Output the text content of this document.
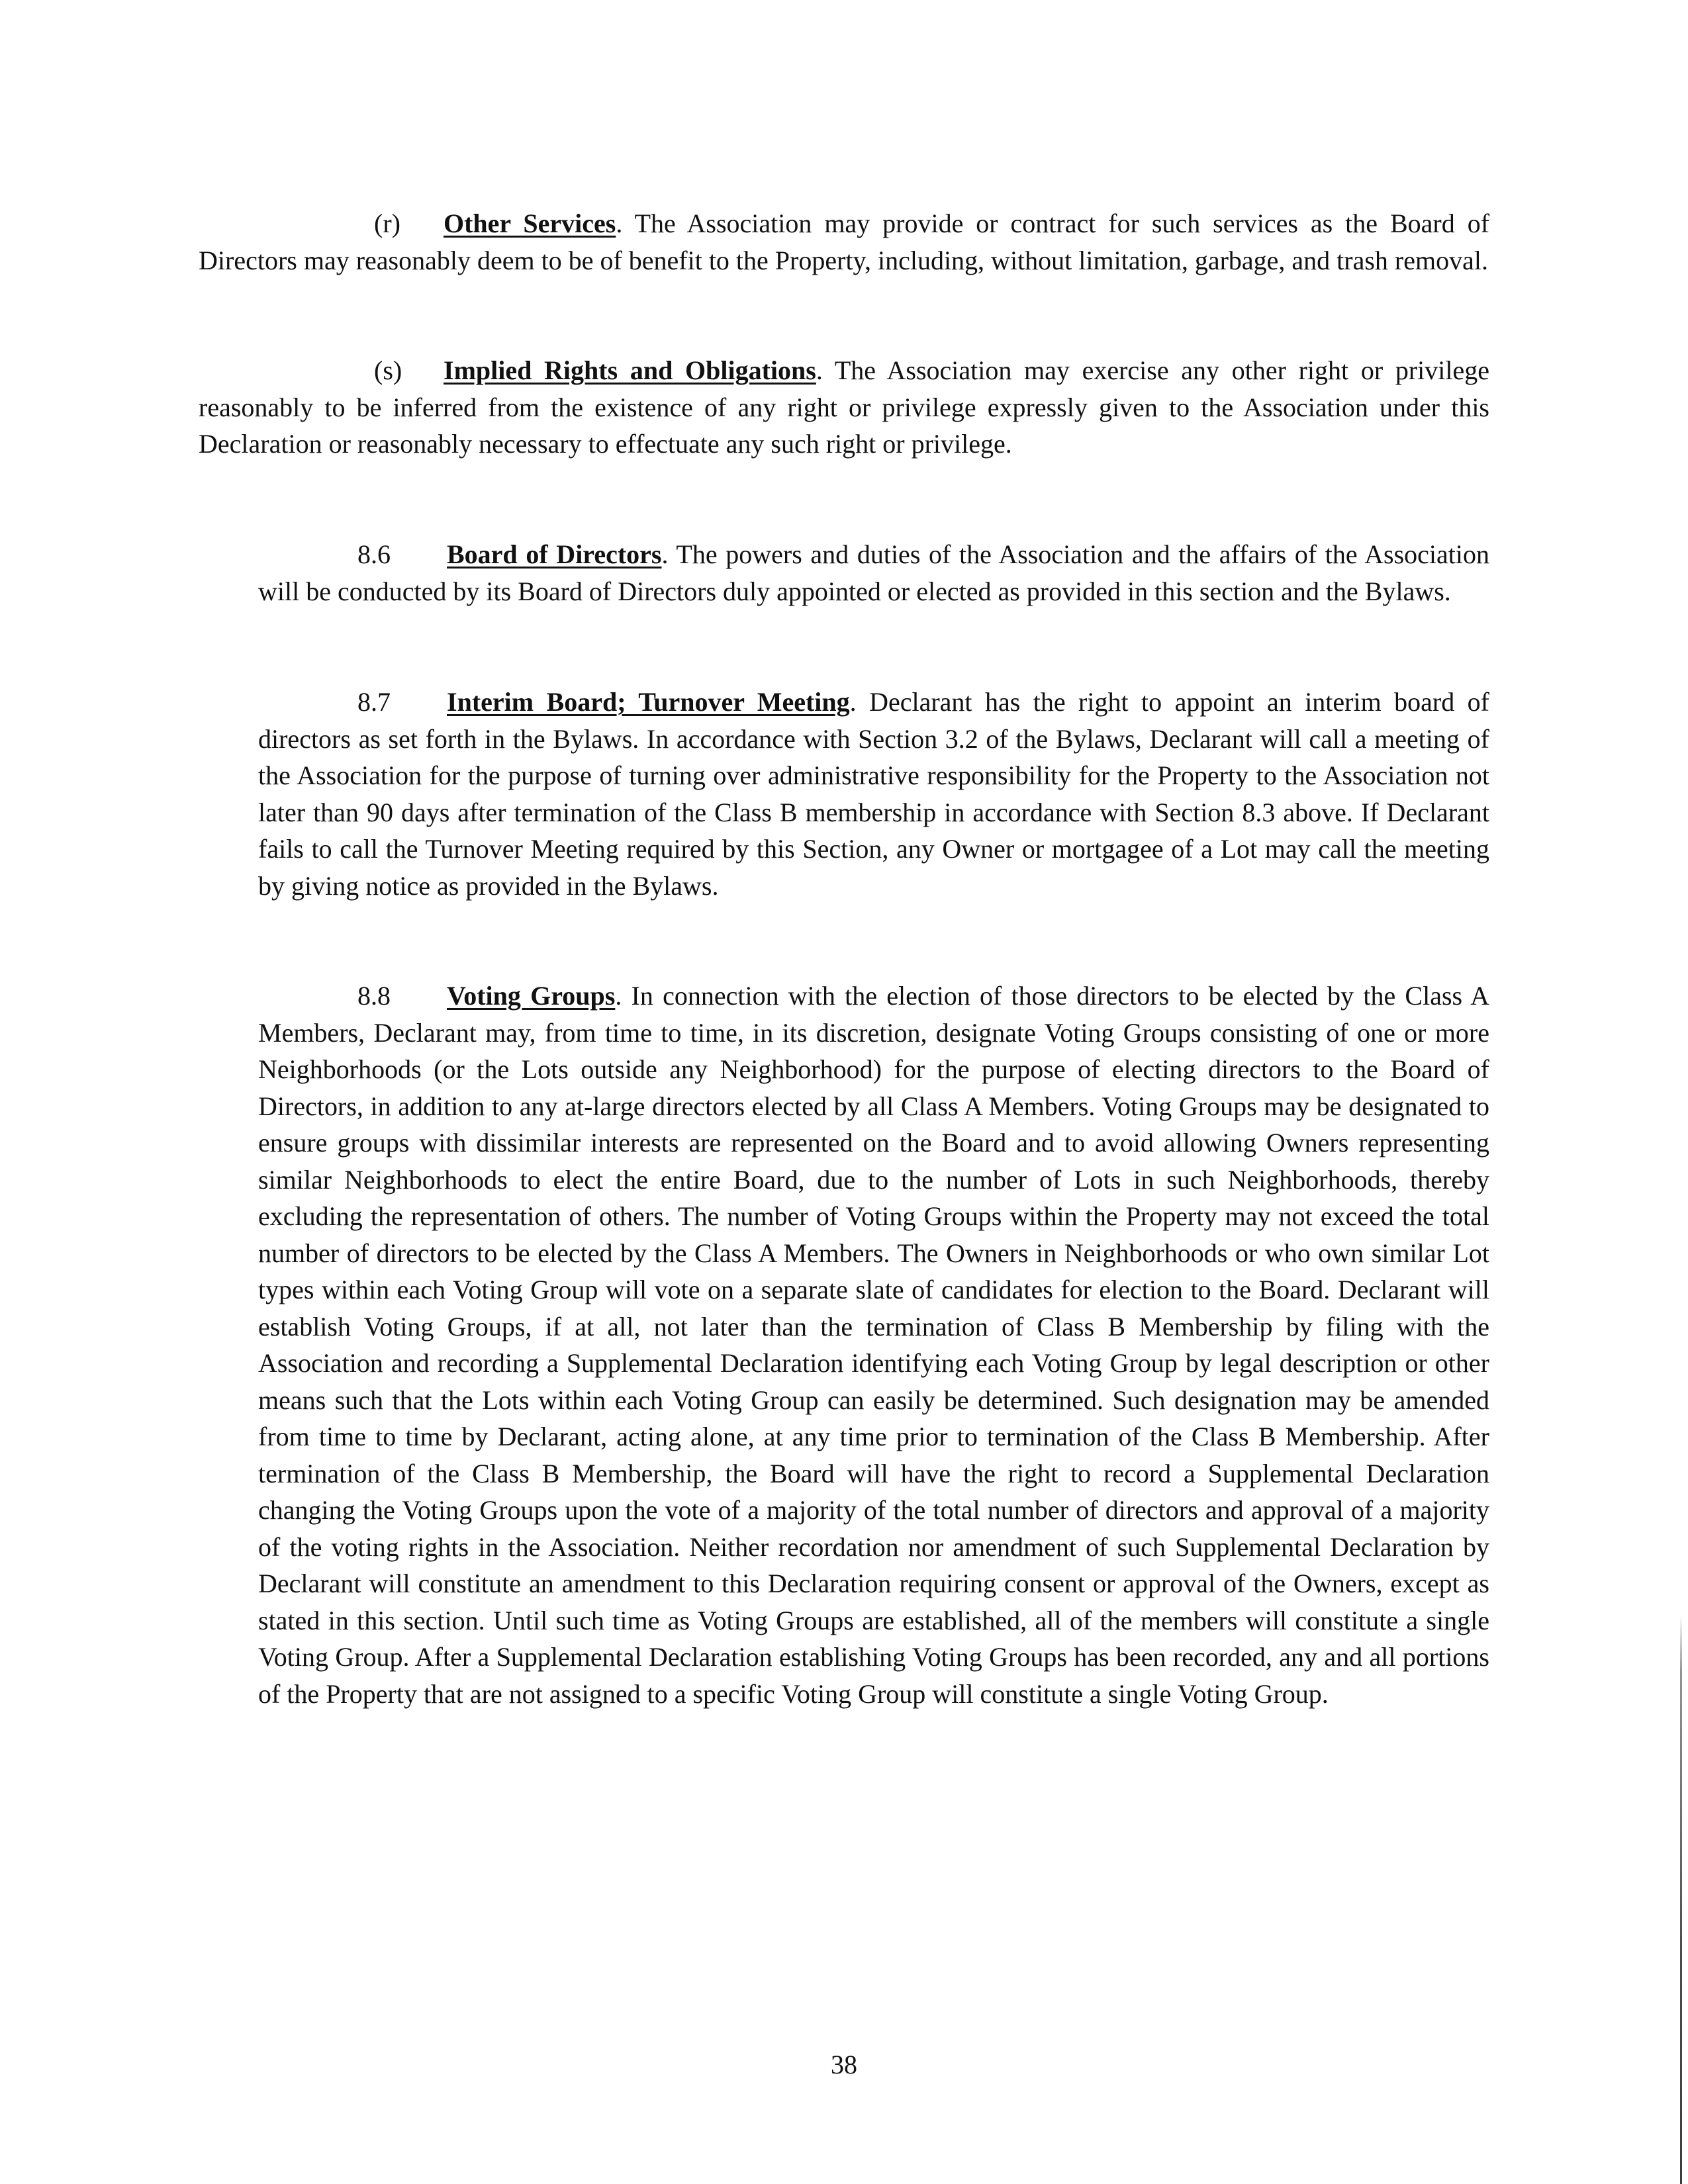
(r) Other Services. The Association may provide or contract for such services as the Board of Directors may reasonably deem to be of benefit to the Property, including, without limitation, garbage, and trash removal.

(s) Implied Rights and Obligations. The Association may exercise any other right or privilege reasonably to be inferred from the existence of any right or privilege expressly given to the Association under this Declaration or reasonably necessary to effectuate any such right or privilege.

8.6 Board of Directors. The powers and duties of the Association and the affairs of the Association will be conducted by its Board of Directors duly appointed or elected as provided in this section and the Bylaws.

8.7 Interim Board; Turnover Meeting. Declarant has the right to appoint an interim board of directors as set forth in the Bylaws. In accordance with Section 3.2 of the Bylaws, Declarant will call a meeting of the Association for the purpose of turning over administrative responsibility for the Property to the Association not later than 90 days after termination of the Class B membership in accordance with Section 8.3 above. If Declarant fails to call the Turnover Meeting required by this Section, any Owner or mortgagee of a Lot may call the meeting by giving notice as provided in the Bylaws.

8.8 Voting Groups. In connection with the election of those directors to be elected by the Class A Members, Declarant may, from time to time, in its discretion, designate Voting Groups consisting of one or more Neighborhoods (or the Lots outside any Neighborhood) for the purpose of electing directors to the Board of Directors, in addition to any at-large directors elected by all Class A Members. Voting Groups may be designated to ensure groups with dissimilar interests are represented on the Board and to avoid allowing Owners representing similar Neighborhoods to elect the entire Board, due to the number of Lots in such Neighborhoods, thereby excluding the representation of others. The number of Voting Groups within the Property may not exceed the total number of directors to be elected by the Class A Members. The Owners in Neighborhoods or who own similar Lot types within each Voting Group will vote on a separate slate of candidates for election to the Board. Declarant will establish Voting Groups, if at all, not later than the termination of Class B Membership by filing with the Association and recording a Supplemental Declaration identifying each Voting Group by legal description or other means such that the Lots within each Voting Group can easily be determined. Such designation may be amended from time to time by Declarant, acting alone, at any time prior to termination of the Class B Membership. After termination of the Class B Membership, the Board will have the right to record a Supplemental Declaration changing the Voting Groups upon the vote of a majority of the total number of directors and approval of a majority of the voting rights in the Association. Neither recordation nor amendment of such Supplemental Declaration by Declarant will constitute an amendment to this Declaration requiring consent or approval of the Owners, except as stated in this section. Until such time as Voting Groups are established, all of the members will constitute a single Voting Group. After a Supplemental Declaration establishing Voting Groups has been recorded, any and all portions of the Property that are not assigned to a specific Voting Group will constitute a single Voting Group.

38
